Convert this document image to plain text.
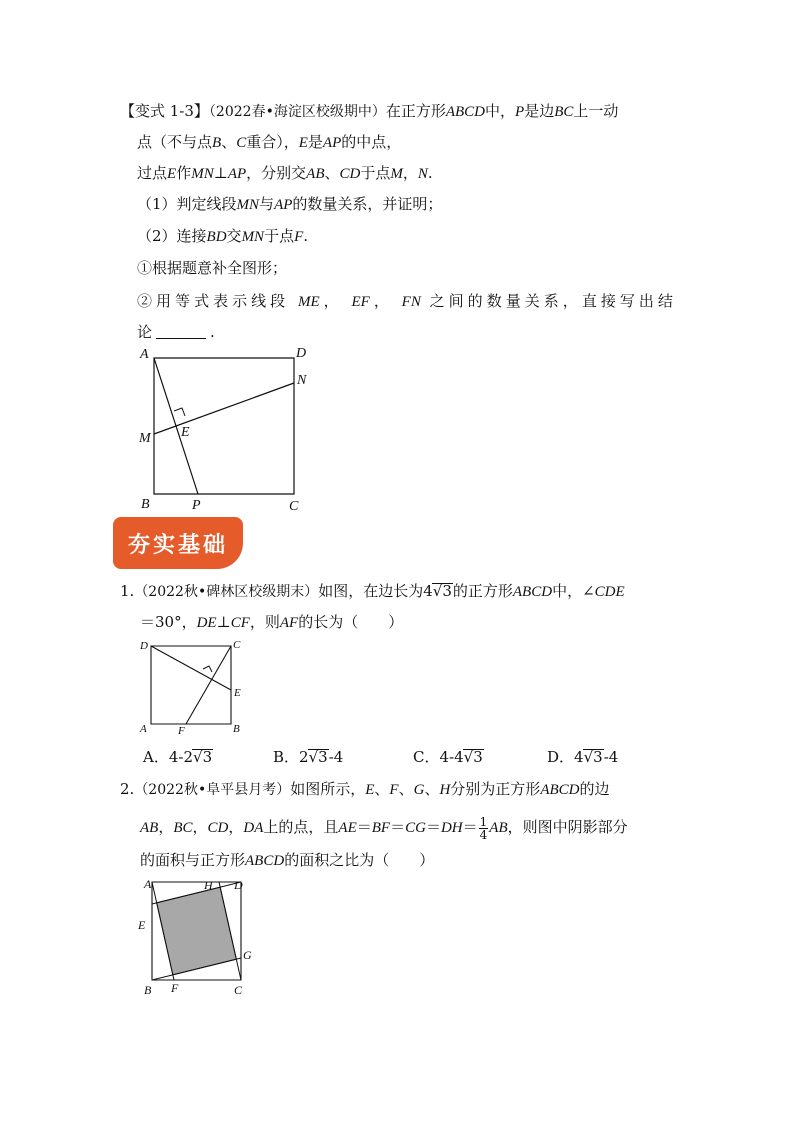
【变式 1-3】（2022春•海淀区校级期中）在正方形ABCD中，P是边BC上一动
点（不与点B、C重合），E是AP的中点，
过点E作MN⊥AP，分别交AB、CD于点M，N.
（1）判定线段MN与AP的数量关系，并证明；
（2）连接BD交MN于点F.
①根据题意补全图形；
②用等式表示线段 ME， EF， FN 之间的数量关系，直接写出结
论	.
A	D
N
M E
B	P	C
夯实基础
1.（2022秋•碑林区校级期末）如图，在边长为4√3的正方形ABCD中，∠CDE
＝30°，DE⊥CF，则AF的长为（　　）
D	C
E
A	F	B
A．4-2√3	B．2√3-4	C．4-4√3	D．4√3-4
2.（2022秋•阜平县月考）如图所示，E、F、G、H分别为正方形ABCD的边
AB，BC，CD，DA上的点，且$AE=BF=CG=DH= \frac{1}{4}$ AB，则图中阴影部分
的面积与正方形ABCD的面积之比为（　　）
A	H D
E
G
B F	C
